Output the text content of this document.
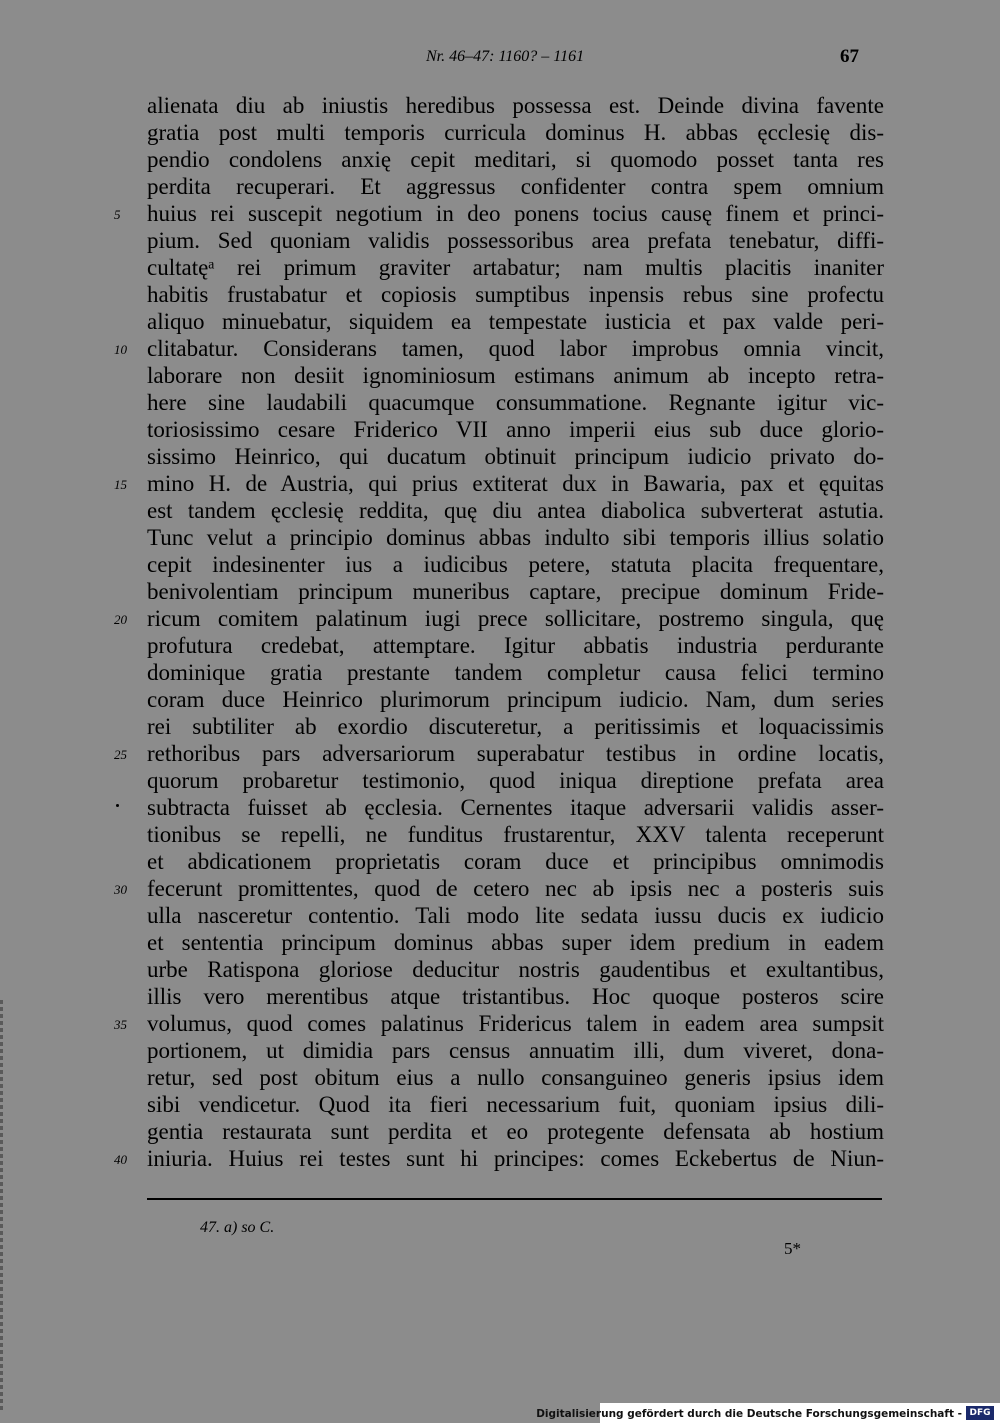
Nr. 46–47: 1160? – 1161	67
alienata diu ab iniustis heredibus possessa est. Deinde divina favente
gratia post multi temporis curricula dominus H. abbas ęcclesię dis-
pendio condolens anxię cepit meditari, si quomodo posset tanta res
perdita recuperari. Et aggressus confidenter contra spem omnium
5	huius rei suscepit negotium in deo ponens tocius causę finem et princi-
pium. Sed quoniam validis possessoribus area prefata tenebatur, diffi-
cultatęᵃ rei primum graviter artabatur; nam multis placitis inaniter
habitis frustabatur et copiosis sumptibus inpensis rebus sine profectu
aliquo minuebatur, siquidem ea tempestate iusticia et pax valde peri-
10 clitabatur. Considerans tamen, quod labor improbus omnia vincit,
laborare non desiit ignominiosum estimans animum ab incepto retra-
here sine laudabili quacumque consummatione. Regnante igitur vic-
toriosissimo cesare Friderico VII anno imperii eius sub duce glorio-
sissimo Heinrico, qui ducatum obtinuit principum iudicio privato do-
15 mino H. de Austria, qui prius extiterat dux in Bawaria, pax et ęquitas
est tandem ęcclesię reddita, quę diu antea diabolica subverterat astutia.
Tunc velut a principio dominus abbas indulto sibi temporis illius solatio
cepit indesinenter ius a iudicibus petere, statuta placita frequentare,
benivolentiam principum muneribus captare, precipue dominum Fride-
20 ricum comitem palatinum iugi prece sollicitare, postremo singula, quę
profutura credebat, attemptare. Igitur abbatis industria perdurante
dominique gratia prestante tandem completur causa felici termino
coram duce Heinrico plurimorum principum iudicio. Nam, dum series
rei subtiliter ab exordio discuteretur, a peritissimis et loquacissimis
25 rethoribus pars adversariorum superabatur testibus in ordine locatis,
quorum probaretur testimonio, quod iniqua direptione prefata area
subtracta fuisset ab ęcclesia. Cernentes itaque adversarii validis asser-
tionibus se repelli, ne funditus frustarentur, XXV talenta receperunt
et abdicationem proprietatis coram duce et principibus omnimodis
30 fecerunt promittentes, quod de cetero nec ab ipsis nec a posteris suis
ulla nasceretur contentio. Tali modo lite sedata iussu ducis ex iudicio
et sententia principum dominus abbas super idem predium in eadem
urbe Ratispona gloriose deducitur nostris gaudentibus et exultantibus,
illis vero merentibus atque tristantibus. Hoc quoque posteros scire
35 volumus, quod comes palatinus Fridericus talem in eadem area sumpsit
portionem, ut dimidia pars census annuatim illi, dum viveret, dona-
retur, sed post obitum eius a nullo consanguineo generis ipsius idem
sibi vendicetur. Quod ita fieri necessarium fuit, quoniam ipsius dili-
gentia restaurata sunt perdita et eo protegente defensata ab hostium
40 iniuria. Huius rei testes sunt hi principes: comes Eckebertus de Niun-
47. a) so C.
5*
Digitalisierung gefördert durch die Deutsche Forschungsgemeinschaft - DFG
